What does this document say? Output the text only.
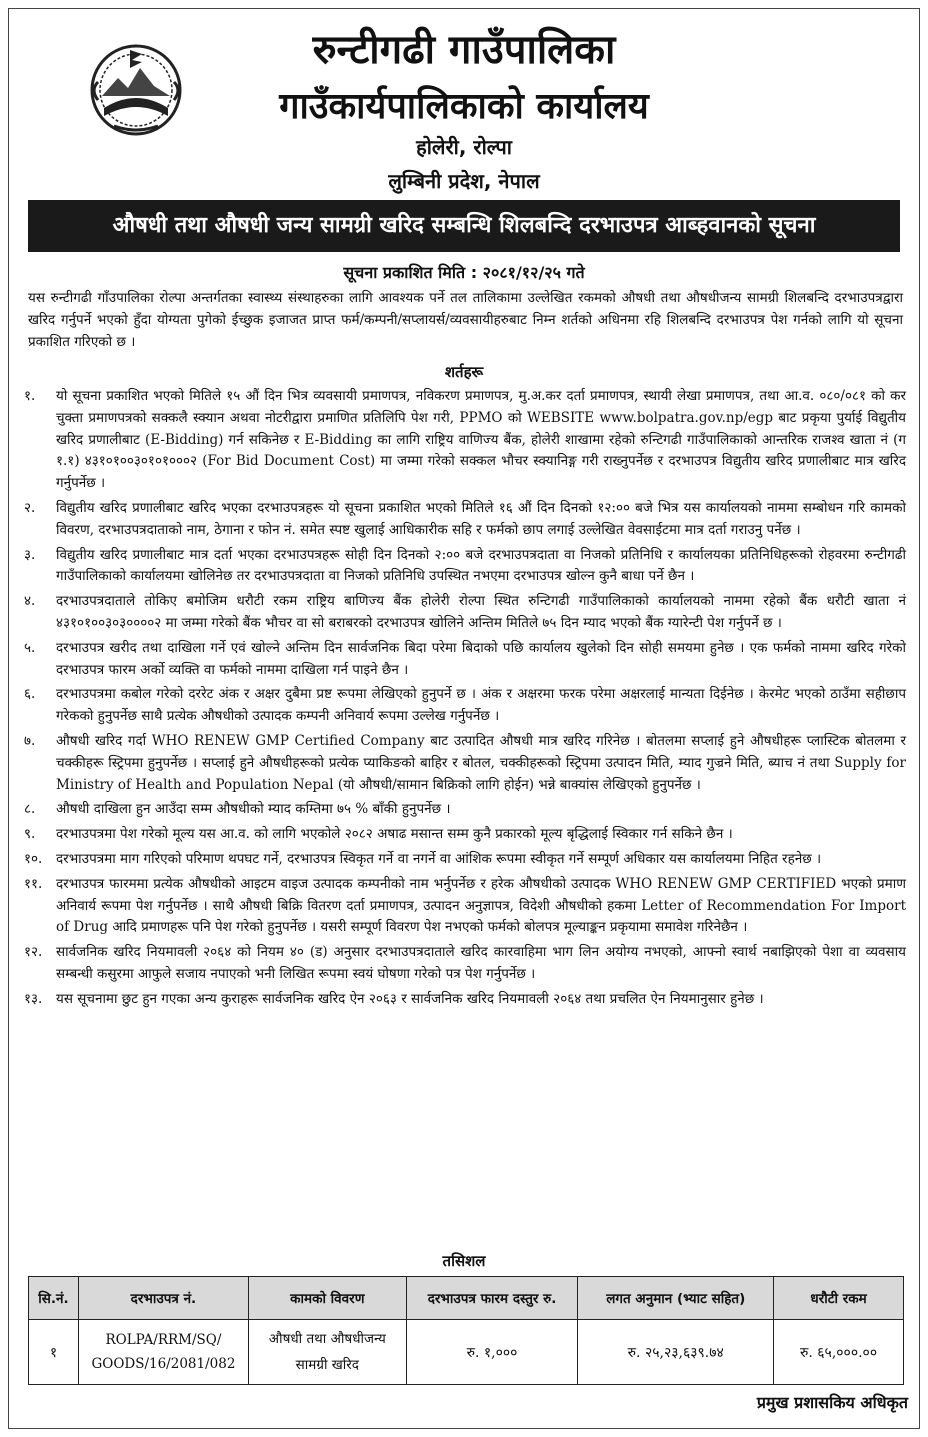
रुन्टीगढी गाउँपालिका
गाउँकार्यपालिकाको कार्यालय
होलेरी, रोल्पा
लुम्बिनी प्रदेश, नेपाल
औषधी तथा औषधी जन्य सामग्री खरिद सम्बन्धि शिलबन्दि दरभाउपत्र आब्हवानको सूचना
सूचना प्रकाशित मिति : २०८१/१२/२५ गते
यस रुन्टीगढी गाँउपालिका रोल्पा अन्तर्गतका स्वास्थ्य संस्थाहरुका लागि आवश्यक पर्ने तल तालिकामा उल्लेखित रकमको औषधी तथा औषधीजन्य सामग्री शिलबन्दि दरभाउपत्रद्वारा खरिद गर्नुपर्ने भएको हुँदा योग्यता पुगेको ईच्छुक इजाजत प्राप्त फर्म/कम्पनी/सप्लायर्स/व्यवसायीहरुबाट निम्न शर्तको अधिनमा रहि शिलबन्दि दरभाउपत्र पेश गर्नको लागि यो सूचना प्रकाशित गरिएको छ ।
शर्तहरू
१.	यो सूचना प्रकाशित भएको मितिले १५ औं दिन भित्र व्यवसायी प्रमाणपत्र, नविकरण प्रमाणपत्र, मु.अ.कर दर्ता प्रमाणपत्र, स्थायी लेखा प्रमाणपत्र, तथा आ.व. ०८०/०८१ को कर चुक्ता प्रमाणपत्रको सक्कलै स्क्यान अथवा नोटरीद्वारा प्रमाणित प्रतिलिपि पेश गरी, PPMO को WEBSITE www.bolpatra.gov.np/egp बाट प्रकृया पुर्याई विद्युतीय खरिद प्रणालीबाट (E-Bidding) गर्न सकिनेछ र E-Bidding का लागि राष्ट्रिय वाणिज्य बैंक, होलेरी शाखामा रहेको रुन्टिगढी गाउँपालिकाको आन्तरिक राजश्व खाता नं (ग १.१) ४३१०१००३०१०१०००२ (For Bid Document Cost) मा जम्मा गरेको सक्कल भौचर स्क्यानिङ्ग गरी राख्नुपर्नेछ र दरभाउपत्र विद्युतीय खरिद प्रणालीबाट मात्र खरिद गर्नुपर्नेछ ।
२.	विद्युतीय खरिद प्रणालीबाट खरिद भएका दरभाउपत्रहरू यो सूचना प्रकाशित भएको मितिले १६ औं दिन दिनको १२:०० बजे भित्र यस कार्यालयको नाममा सम्बोधन गरि कामको विवरण, दरभाउपत्रदाताको नाम, ठेगाना र फोन नं. समेत स्पष्ट खुलाई आधिकारीक सहि र फर्मको छाप लगाई उल्लेखित वेवसाईटमा मात्र दर्ता गराउनु पर्नेछ ।
३.	विद्युतीय खरिद प्रणालीबाट मात्र दर्ता भएका दरभाउपत्रहरू सोही दिन दिनको २:०० बजे दरभाउपत्रदाता वा निजको प्रतिनिधि र कार्यालयका प्रतिनिधिहरूको रोहवरमा रुन्टीगढी गाउँपालिकाको कार्यालयमा खोलिनेछ तर दरभाउपत्रदाता वा निजको प्रतिनिधि उपस्थित नभएमा दरभाउपत्र खोल्न कुनै बाधा पर्ने छैन ।
४.	दरभाउपत्रदाताले तोकिए बमोजिम धरौटी रकम राष्ट्रिय बाणिज्य बैंक होलेरी रोल्पा स्थित रुन्टिगढी गाउँपालिकाको कार्यालयको नाममा रहेको बैंक धरौटी खाता नं ४३१०१००३०३००००२ मा जम्मा गरेको बैंक भौचर वा सो बराबरको दरभाउपत्र खोलिने अन्तिम मितिले ७५ दिन म्याद भएको बैंक ग्यारेन्टी पेश गर्नुपर्ने छ ।
५.	दरभाउपत्र खरीद तथा दाखिला गर्ने एवं खोल्ने अन्तिम दिन सार्वजनिक बिदा परेमा बिदाको पछि कार्यालय खुलेको दिन सोही समयमा हुनेछ । एक फर्मको नाममा खरिद गरेको दरभाउपत्र फारम अर्को व्यक्ति वा फर्मको नाममा दाखिला गर्न पाइने छैन ।
६.	दरभाउपत्रमा कबोल गरेको दररेट अंक र अक्षर दुबैमा प्रष्ट रूपमा लेखिएको हुनुपर्ने छ । अंक र अक्षरमा फरक परेमा अक्षरलाई मान्यता दिईनेछ । केरमेट भएको ठाउँमा सहीछाप गरेकको हुनुपर्नेछ साथै प्रत्येक औषधीको उत्पादक कम्पनी अनिवार्य रूपमा उल्लेख गर्नुपर्नेछ ।
७.	औषधी खरिद गर्दा WHO RENEW GMP Certified Company बाट उत्पादित औषधी मात्र खरिद गरिनेछ । बोतलमा सप्लाई हुने औषधीहरू प्लास्टिक बोतलमा र चक्कीहरू स्ट्रिपमा हुनुपर्नेछ । सप्लाई हुने औषधीहरूको प्रत्येक प्याकिङको बाहिर र बोतल, चक्कीहरूको स्ट्रिपमा उत्पादन मिति, म्याद गुज्रने मिति, ब्याच नं तथा Supply for Ministry of Health and Population Nepal (यो औषधी/सामान बिक्रिको लागि होईन) भन्ने बाक्यांस लेखिएको हुनुपर्नेछ ।
८.	औषधी दाखिला हुन आउँदा सम्म औषधीको म्याद कम्तिमा ७५ % बाँकी हुनुपर्नेछ ।
९.	दरभाउपत्रमा पेश गरेको मूल्य यस आ.व. को लागि भएकोले २०८२ अषाढ मसान्त सम्म कुनै प्रकारको मूल्य बृद्धिलाई स्विकार गर्न सकिने छैन ।
१०.	दरभाउपत्रमा माग गरिएको परिमाण थपघट गर्ने, दरभाउपत्र स्विकृत गर्ने वा नगर्ने वा आंशिक रूपमा स्वीकृत गर्ने सम्पूर्ण अधिकार यस कार्यालयमा निहित रहनेछ ।
११.	दरभाउपत्र फारममा प्रत्येक औषधीको आइटम वाइज उत्पादक कम्पनीको नाम भर्नुपर्नेछ र हरेक औषधीको उत्पादक WHO RENEW GMP CERTIFIED भएको प्रमाण अनिवार्य रूपमा पेश गर्नुपर्नेछ । साथै औषधी बिक्रि वितरण दर्ता प्रमाणपत्र, उत्पादन अनुज्ञापत्र, विदेशी औषधीको हकमा Letter of Recommendation For Import of Drug आदि प्रमाणहरू पनि पेश गरेको हुनुपर्नेछ । यसरी सम्पूर्ण विवरण पेश नभएको फर्मको बोलपत्र मूल्याङ्कन प्रकृयामा समावेश गरिनेछैन ।
१२.	सार्वजनिक खरिद नियमावली २०६४ को नियम ४० (ड) अनुसार दरभाउपत्रदाताले खरिद कारवाहिमा भाग लिन अयोग्य नभएको, आफ्नो स्वार्थ नबाझिएको पेशा वा व्यवसाय सम्बन्धी कसुरमा आफुले सजाय नपाएको भनी लिखित रूपमा स्वयं घोषणा गरेको पत्र पेश गर्नुपर्नेछ ।
१३.	यस सूचनामा छुट हुन गएका अन्य कुराहरू सार्वजनिक खरिद ऐन २०६३ र सार्वजनिक खरिद नियमावली २०६४ तथा प्रचलित ऐन नियमानुसार हुनेछ ।
तसिशल
सि.नं.	दरभाउपत्र नं.	कामको विवरण	दरभाउपत्र फारम दस्तुर रु.	लगत अनुमान (भ्याट सहित)	धरौटी रकम
१	ROLPA/RRM/SQ/ GOODS/16/2081/082	औषधी तथा औषधीजन्य सामग्री खरिद	रु. १,०००	रु. २५,२३,६३९.७४	रु. ६५,०००.००
प्रमुख प्रशासकिय अधिकृत
